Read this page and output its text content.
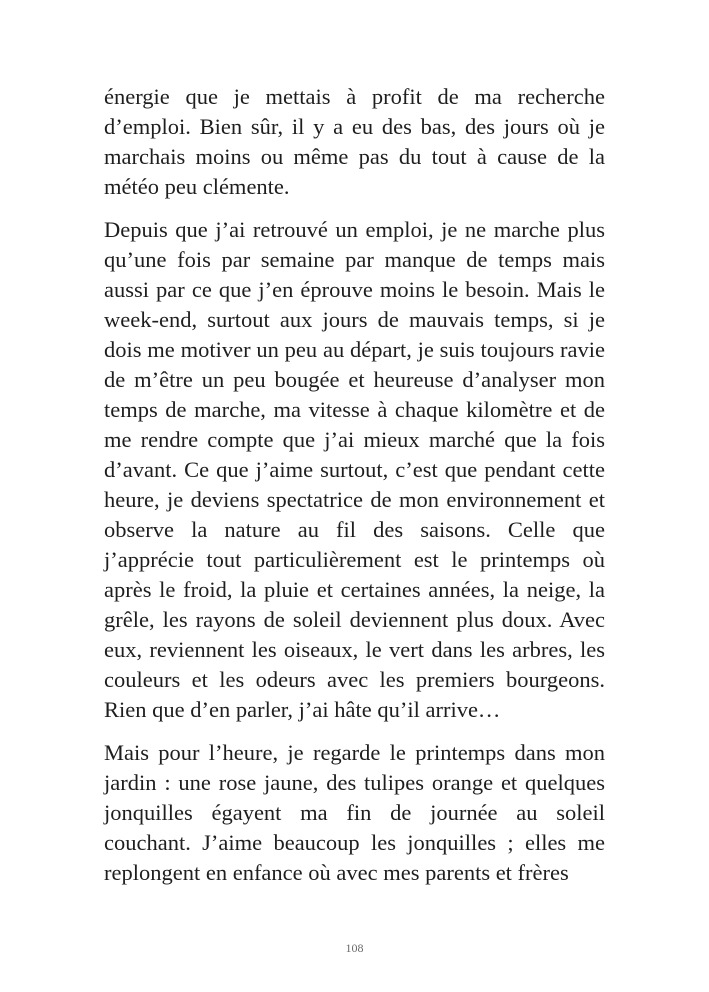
énergie que je mettais à profit de ma recherche d’emploi. Bien sûr, il y a eu des bas, des jours où je marchais moins ou même pas du tout à cause de la météo peu clémente.

Depuis que j’ai retrouvé un emploi, je ne marche plus qu’une fois par semaine par manque de temps mais aussi par ce que j’en éprouve moins le besoin. Mais le week-end, surtout aux jours de mauvais temps, si je dois me motiver un peu au départ, je suis toujours ravie de m’être un peu bougée et heureuse d’analyser mon temps de marche, ma vitesse à chaque kilomètre et de me rendre compte que j’ai mieux marché que la fois d’avant. Ce que j’aime surtout, c’est que pendant cette heure, je deviens spectatrice de mon environnement et observe la nature au fil des saisons. Celle que j’apprécie tout particulièrement est le printemps où après le froid, la pluie et certaines années, la neige, la grêle, les rayons de soleil deviennent plus doux. Avec eux, reviennent les oiseaux, le vert dans les arbres, les couleurs et les odeurs avec les premiers bourgeons. Rien que d’en parler, j’ai hâte qu’il arrive…

Mais pour l’heure, je regarde le printemps dans mon jardin : une rose jaune, des tulipes orange et quelques jonquilles égayent ma fin de journée au soleil couchant. J’aime beaucoup les jonquilles ; elles me replongent en enfance où avec mes parents et frères

108
